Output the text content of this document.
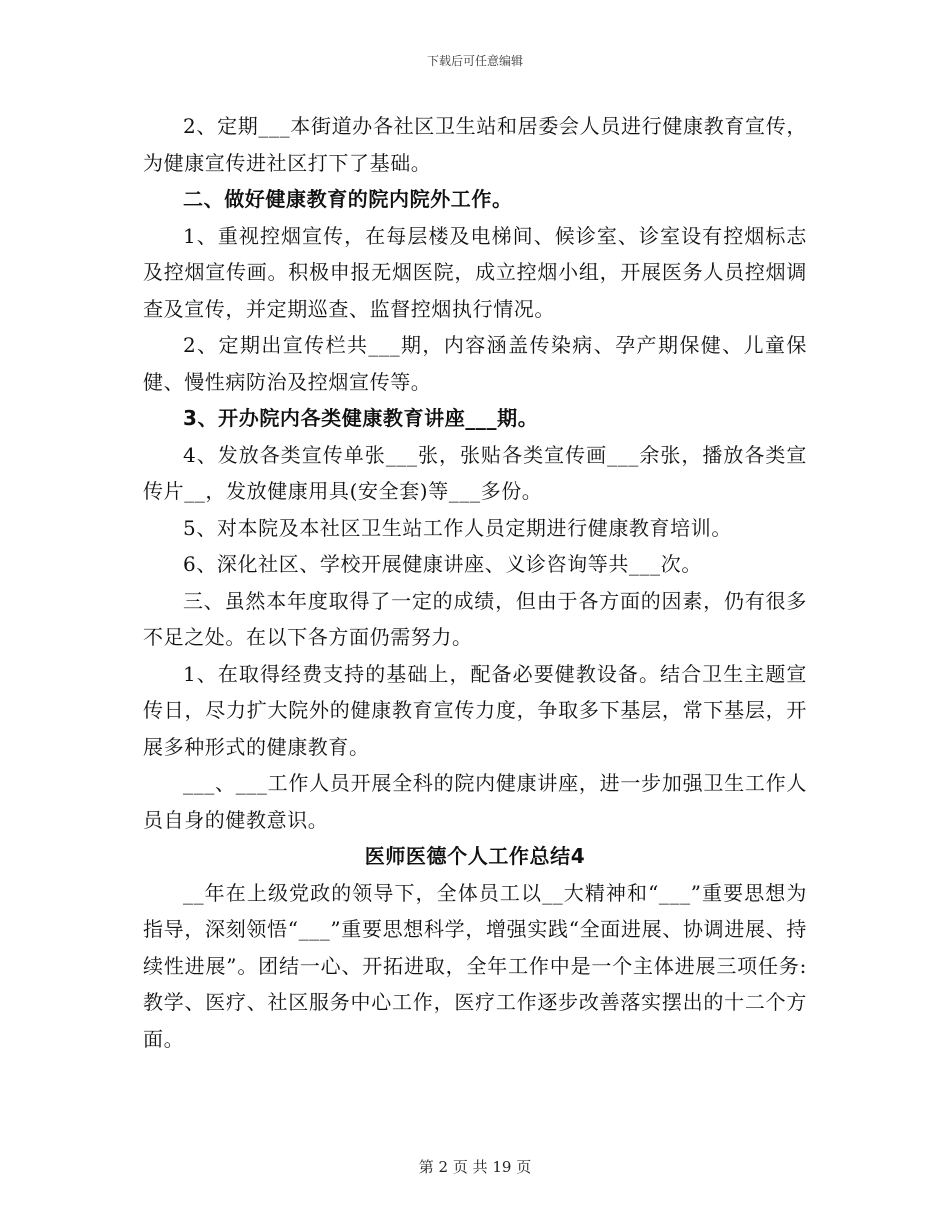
下载后可任意编辑

2、定期___本街道办各社区卫生站和居委会人员进行健康教育宣传，为健康宣传进社区打下了基础。

二、做好健康教育的院内院外工作。

1、重视控烟宣传，在每层楼及电梯间、候诊室、诊室设有控烟标志及控烟宣传画。积极申报无烟医院，成立控烟小组，开展医务人员控烟调查及宣传，并定期巡查、监督控烟执行情况。

2、定期出宣传栏共___期，内容涵盖传染病、孕产期保健、儿童保健、慢性病防治及控烟宣传等。

3、开办院内各类健康教育讲座___期。

4、发放各类宣传单张___张，张贴各类宣传画___余张，播放各类宣传片__，发放健康用具(安全套)等___多份。

5、对本院及本社区卫生站工作人员定期进行健康教育培训。

6、深化社区、学校开展健康讲座、义诊咨询等共___次。

三、虽然本年度取得了一定的成绩，但由于各方面的因素，仍有很多不足之处。在以下各方面仍需努力。

1、在取得经费支持的基础上，配备必要健教设备。结合卫生主题宣传日，尽力扩大院外的健康教育宣传力度，争取多下基层，常下基层，开展多种形式的健康教育。

___、___工作人员开展全科的院内健康讲座，进一步加强卫生工作人员自身的健教意识。

医师医德个人工作总结4

__年在上级党政的领导下，全体员工以__大精神和“___”重要思想为指导，深刻领悟“___”重要思想科学，增强实践“全面进展、协调进展、持续性进展”。团结一心、开拓进取，全年工作中是一个主体进展三项任务:教学、医疗、社区服务中心工作，医疗工作逐步改善落实摆出的十二个方面。

第 2 页 共 19 页
